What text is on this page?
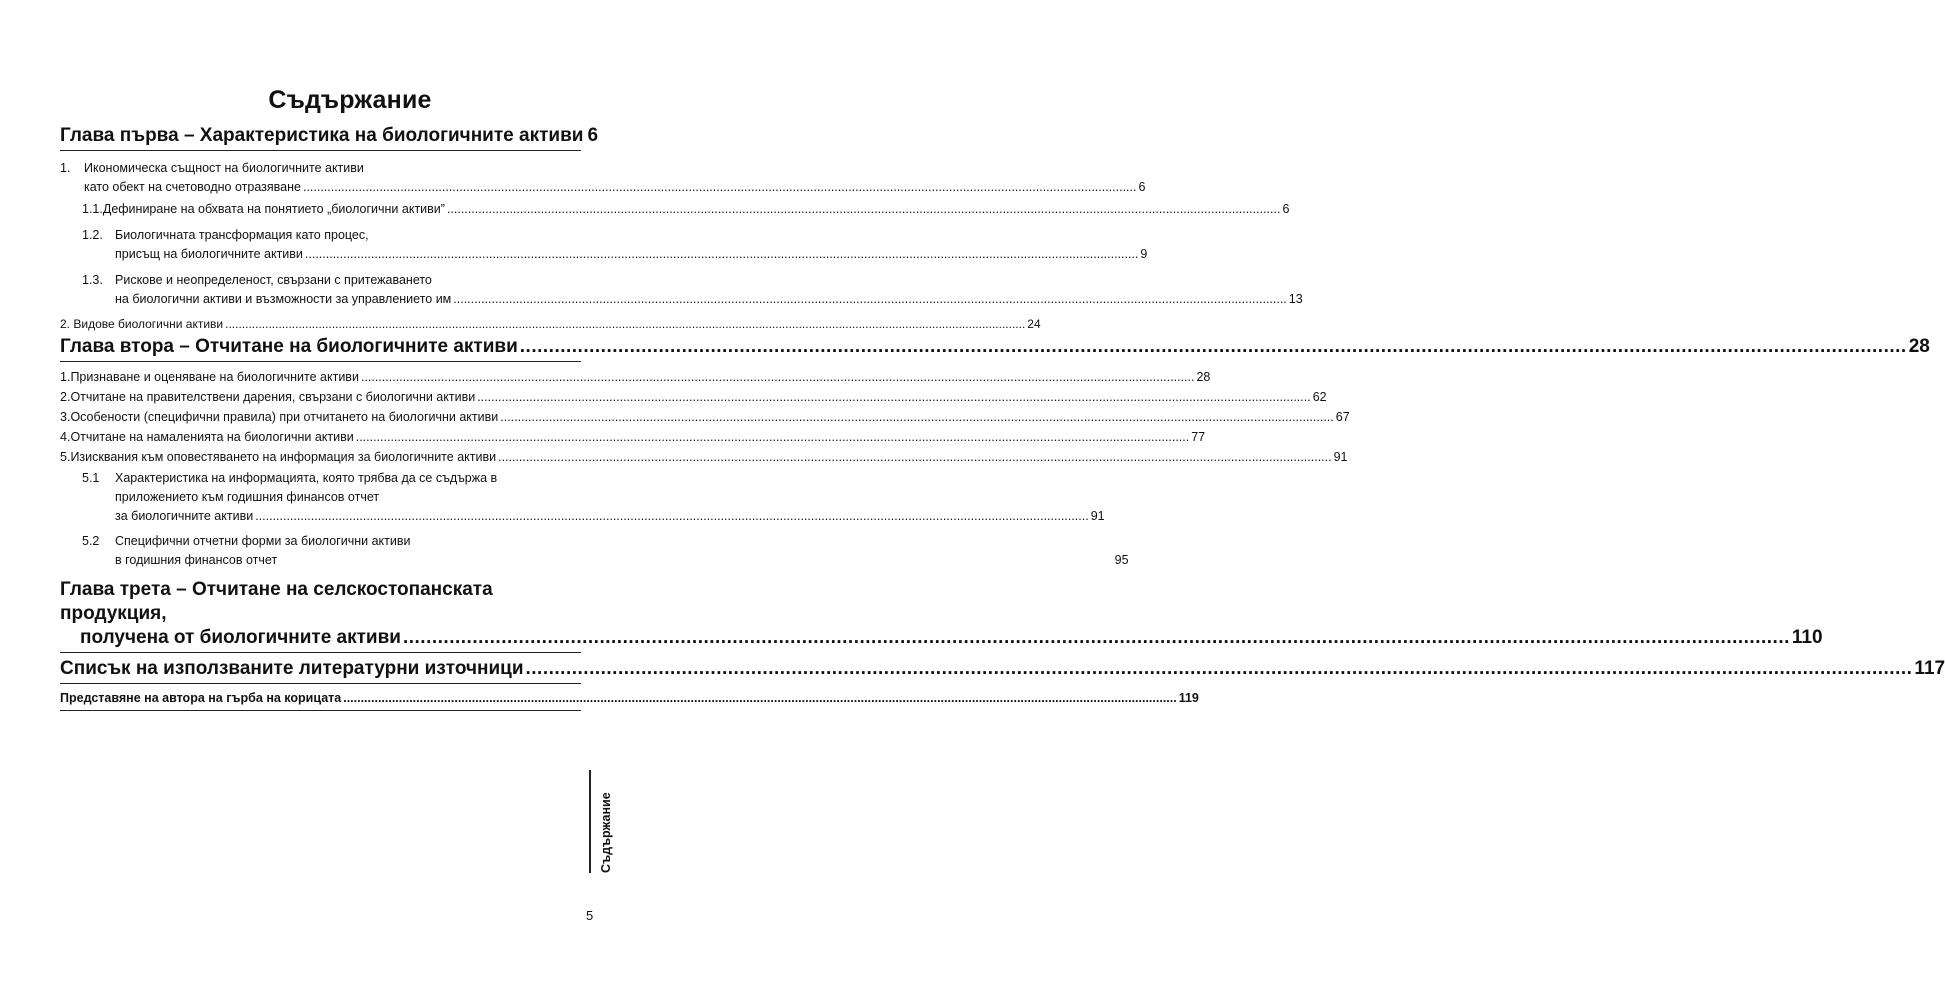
Съдържание
Глава първа – Характеристика на биологичните активи 6
1. Икономическа същност на биологичните активи
като обект на счетоводно отразяване .....	6
1.1. Дефиниране на обхвата на понятието „биологични активи” .....	6
1.2. Биологичната трансформация като процес,
присъщ на биологичните активи .....	9
1.3. Рискове и неопределеност, свързани с притежаването
на биологични активи и възможности за управлението им .....	13
2. Видове биологични активи .....	24
Глава втора – Отчитане на биологичните активи .....	28
1. Признаване и оценяване на биологичните активи .....	28
2. Отчитане на правителствени дарения, свързани с биологични активи .....	62
3. Особености (специфични правила) при отчитането на биологични активи .....	67
4. Отчитане на намаленията на биологични активи .....	77
5. Изисквания към оповестяването на информация за биологичните активи .....	91
5.1 Характеристика на информацията, която трябва да се съдържа в
приложението към годишния финансов отчет
за биологичните активи .....	91
5.2 Специфични отчетни форми за биологични активи
в годишния финансов отчет	95
Глава трета – Отчитане на селскостопанската продукция,
получена от биологичните активи .....	110
Списък на използваните литературни източници .....	117
Представяне на автора на гърба на корицата .....	119
Съдържание
5
